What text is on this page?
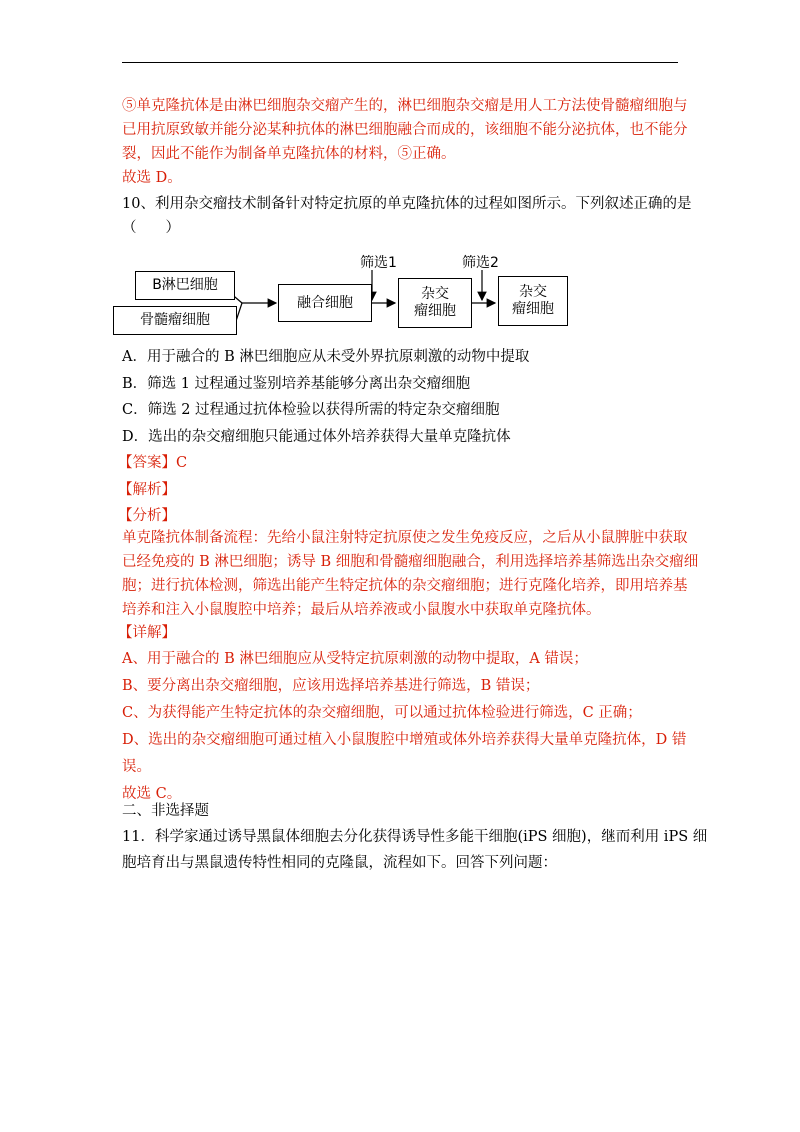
⑤单克隆抗体是由淋巴细胞杂交瘤产生的，淋巴细胞杂交瘤是用人工方法使骨髓瘤细胞与
已用抗原致敏并能分泌某种抗体的淋巴细胞融合而成的，该细胞不能分泌抗体，也不能分
裂，因此不能作为制备单克隆抗体的材料，⑤正确。
故选 D。
10、利用杂交瘤技术制备针对特定抗原的单克隆抗体的过程如图所示。下列叙述正确的是
（　　）
B淋巴细胞
骨髓瘤细胞
融合细胞
杂交
瘤细胞
杂交
瘤细胞
筛选1	筛选2
A．用于融合的 B 淋巴细胞应从未受外界抗原刺激的动物中提取
B．筛选 1 过程通过鉴别培养基能够分离出杂交瘤细胞
C．筛选 2 过程通过抗体检验以获得所需的特定杂交瘤细胞
D．选出的杂交瘤细胞只能通过体外培养获得大量单克隆抗体
【答案】C
【解析】
【分析】
单克隆抗体制备流程：先给小鼠注射特定抗原使之发生免疫反应，之后从小鼠脾脏中获取
已经免疫的 B 淋巴细胞；诱导 B 细胞和骨髓瘤细胞融合，利用选择培养基筛选出杂交瘤细
胞；进行抗体检测，筛选出能产生特定抗体的杂交瘤细胞；进行克隆化培养，即用培养基
培养和注入小鼠腹腔中培养；最后从培养液或小鼠腹水中获取单克隆抗体。
【详解】
A、用于融合的 B 淋巴细胞应从受特定抗原刺激的动物中提取，A 错误；
B、要分离出杂交瘤细胞，应该用选择培养基进行筛选，B 错误；
C、为获得能产生特定抗体的杂交瘤细胞，可以通过抗体检验进行筛选，C 正确；
D、选出的杂交瘤细胞可通过植入小鼠腹腔中增殖或体外培养获得大量单克隆抗体，D 错
误。
故选 C。
二、非选择题
11．科学家通过诱导黑鼠体细胞去分化获得诱导性多能干细胞(iPS 细胞)，继而利用 iPS 细
胞培育出与黑鼠遗传特性相同的克隆鼠，流程如下。回答下列问题：
